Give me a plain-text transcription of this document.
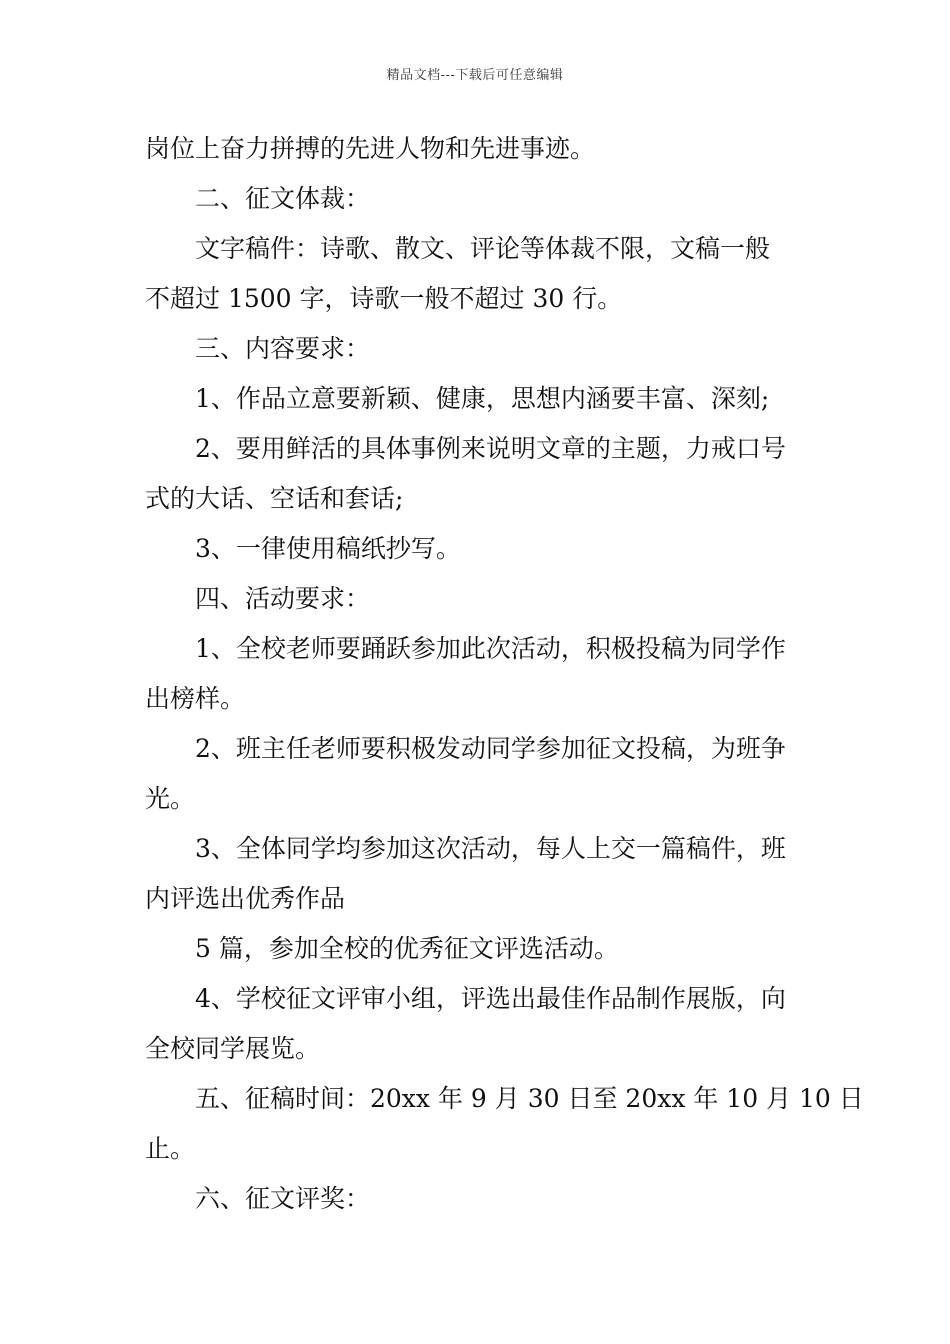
精品文档---下载后可任意编辑
岗位上奋力拼搏的先进人物和先进事迹。
二、征文体裁：
文字稿件：诗歌、散文、评论等体裁不限，文稿一般
不超过 1500 字，诗歌一般不超过 30 行。
三、内容要求：
1、作品立意要新颖、健康，思想内涵要丰富、深刻;
2、要用鲜活的具体事例来说明文章的主题，力戒口号
式的大话、空话和套话;
3、一律使用稿纸抄写。
四、活动要求：
1、全校老师要踊跃参加此次活动，积极投稿为同学作
出榜样。
2、班主任老师要积极发动同学参加征文投稿，为班争
光。
3、全体同学均参加这次活动，每人上交一篇稿件，班
内评选出优秀作品
5 篇，参加全校的优秀征文评选活动。
4、学校征文评审小组，评选出最佳作品制作展版，向
全校同学展览。
五、征稿时间：20xx 年 9 月 30 日至 20xx 年 10 月 10 日
止。
六、征文评奖：
